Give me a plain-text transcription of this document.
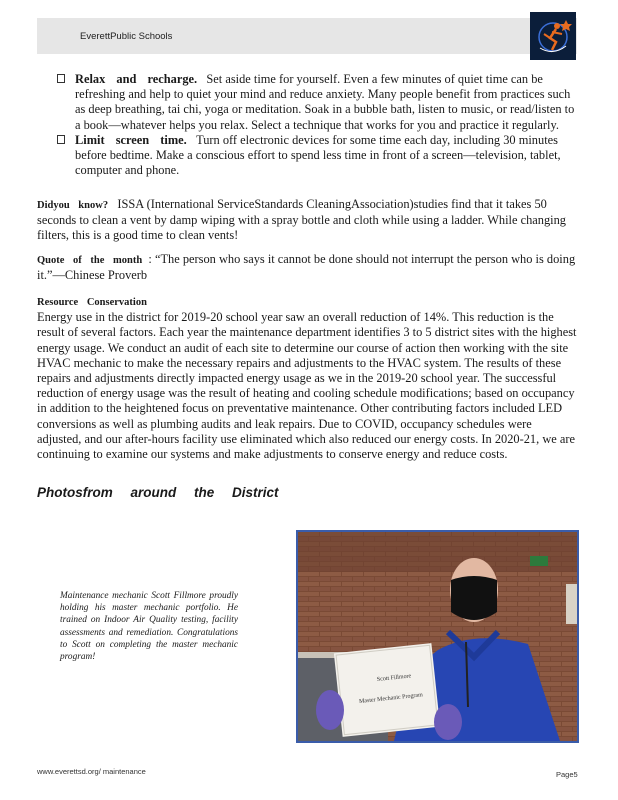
EverettPublic Schools
Relax and recharge. Set aside time for yourself. Even a few minutes of quiet time can be refreshing and help to quiet your mind and reduce anxiety. Many people benefit from practices such as deep breathing, tai chi, yoga or meditation. Soak in a bubble bath, listen to music, or read/listen to a book—whatever helps you relax. Select a technique that works for you and practice it regularly.
Limit screen time. Turn off electronic devices for some time each day, including 30 minutes before bedtime. Make a conscious effort to spend less time in front of a screen—television, tablet, computer and phone.
Didyou know? ISSA (International ServiceStandards CleaningAssociation)studies find that it takes 50 seconds to clean a vent by damp wiping with a spray bottle and cloth while using a ladder. While changing filters, this is a good time to clean vents!
Quote of the month : “The person who says it cannot be done should not interrupt the person who is doing it.”—Chinese Proverb
Resource Conservation
Energy use in the district for 2019-20 school year saw an overall reduction of 14%. This reduction is the result of several factors. Each year the maintenance department identifies 3 to 5 district sites with the highest energy usage. We conduct an audit of each site to determine our course of action then working with the site HVAC mechanic to make the necessary repairs and adjustments to the HVAC system. The results of these repairs and adjustments directly impacted energy usage as we in the 2019-20 school year. The successful reduction of energy usage was the result of heating and cooling schedule modifications; based on occupancy in addition to the heightened focus on preventative maintenance. Other contributing factors included LED conversions as well as plumbing audits and leak repairs. Due to COVID, occupancy schedules were adjusted, and our after-hours facility use eliminated which also reduced our energy costs. In 2020-21, we are continuing to examine our systems and make adjustments to conserve energy and reduce costs.
Photosfrom around the District
Maintenance mechanic Scott Fillmore proudly holding his master mechanic portfolio. He trained on Indoor Air Quality testing, facility assessments and remediation. Congratulations to Scott on completing the master mechanic program!
Scott Fillmore
Master Mechanic Program
www.everettsd.org/ maintenance	Page5
